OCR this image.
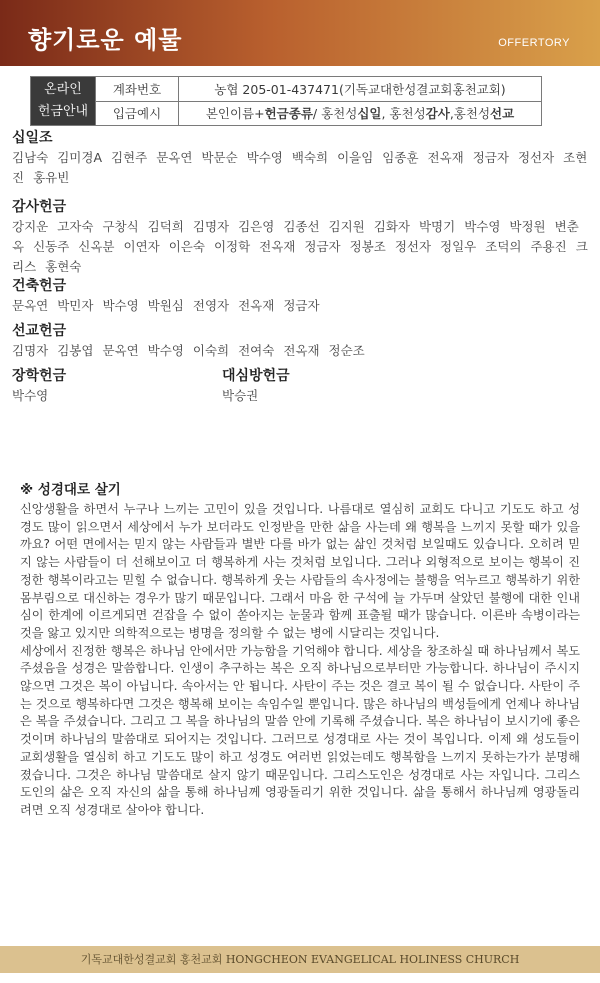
향기로운 예물	OFFERTORY
온라인
헌금안내	계좌번호	농협 205-01-437471(기독교대한성결교회홍천교회)
	입금예시	본인이름+헌금종류/ 홍천성십일, 홍천성감사,홍천성선교
십일조
김남숙 김미경A 김현주 문옥연 박문순 박수영 백숙희 이을임 임종훈 전옥재 정금자 정선자 조현진 홍유빈
감사헌금
강지운 고자숙 구창식 김덕희 김명자 김은영 김종선 김지원 김화자 박명기 박수영 박정원 변춘옥 신동주 신옥분 이연자 이은숙 이정학 전옥재 정금자 정봉조 정선자 정일우 조덕의 주용진 크리스 홍현숙
건축헌금
문옥연 박민자 박수영 박원심 전영자 전옥재 정금자
선교헌금
김명자 김봉엽 문옥연 박수영 이숙희 전여숙 전옥재 정순조
장학헌금
박수영
대심방헌금
박승권
※ 성경대로 살기

신앙생활을 하면서 누구나 느끼는 고민이 있을 것입니다. 나름대로 열심히 교회도 다니고 기도도 하고 성경도 많이 읽으면서 세상에서 누가 보더라도 인정받을 만한 삶을 사는데 왜 행복을 느끼지 못할 때가 있을까요? 어떤 면에서는 믿지 않는 사람들과 별반 다를 바가 없는 삶인 것처럼 보일때도 있습니다. 오히려 믿지 않는 사람들이 더 선해보이고 더 행복하게 사는 것처럼 보입니다. 그러나 외형적으로 보이는 행복이 진정한 행복이라고는 믿힐 수 없습니다. 행복하게 웃는 사람들의 속사정에는 불행을 억누르고 행복하기 위한 몸부림으로 대신하는 경우가 많기 때문입니다. 그래서 마음 한 구석에 늘 가두며 살았던 불행에 대한 인내심이 한계에 이르게되면 걷잡을 수 없이 쏟아지는 눈물과 함께 표출될 때가 많습니다. 이른바 속병이라는 것을 앓고 있지만 의학적으로는 병명을 정의할 수 없는 병에 시달리는 것입니다.

세상에서 진정한 행복은 하나님 안에서만 가능함을 기억해야 합니다. 세상을 창조하실 때 하나님께서 복도 주셨음을 성경은 말씀합니다. 인생이 추구하는 복은 오직 하나님으로부터만 가능합니다. 하나님이 주시지 않으면 그것은 복이 아닙니다. 속아서는 안 됩니다. 사탄이 주는 것은 결코 복이 될 수 없습니다. 사탄이 주는 것으로 행복하다면 그것은 행복해 보이는 속임수일 뿐입니다. 많은 하나님의 백성들에게 언제나 하나님은 복을 주셨습니다. 그리고 그 복을 하나님의 말씀 안에 기록해 주셨습니다. 복은 하나님이 보시기에 좋은 것이며 하나님의 말씀대로 되어지는 것입니다. 그러므로 성경대로 사는 것이 복입니다. 이제 왜 성도들이 교회생활을 열심히 하고 기도도 많이 하고 성경도 여러번 읽었는데도 행복함을 느끼지 못하는가가 분명해졌습니다. 그것은 하나님 말씀대로 살지 않기 때문입니다. 그리스도인은 성경대로 사는 자입니다. 그리스도인의 삶은 오직 자신의 삶을 통해 하나님께 영광돌리기 위한 것입니다. 삶을 통해서 하나님께 영광돌리려면 오직 성경대로 살아야 합니다.

기독교대한성결교회 홍천교회 HONGCHEON EVANGELICAL HOLINESS CHURCH
